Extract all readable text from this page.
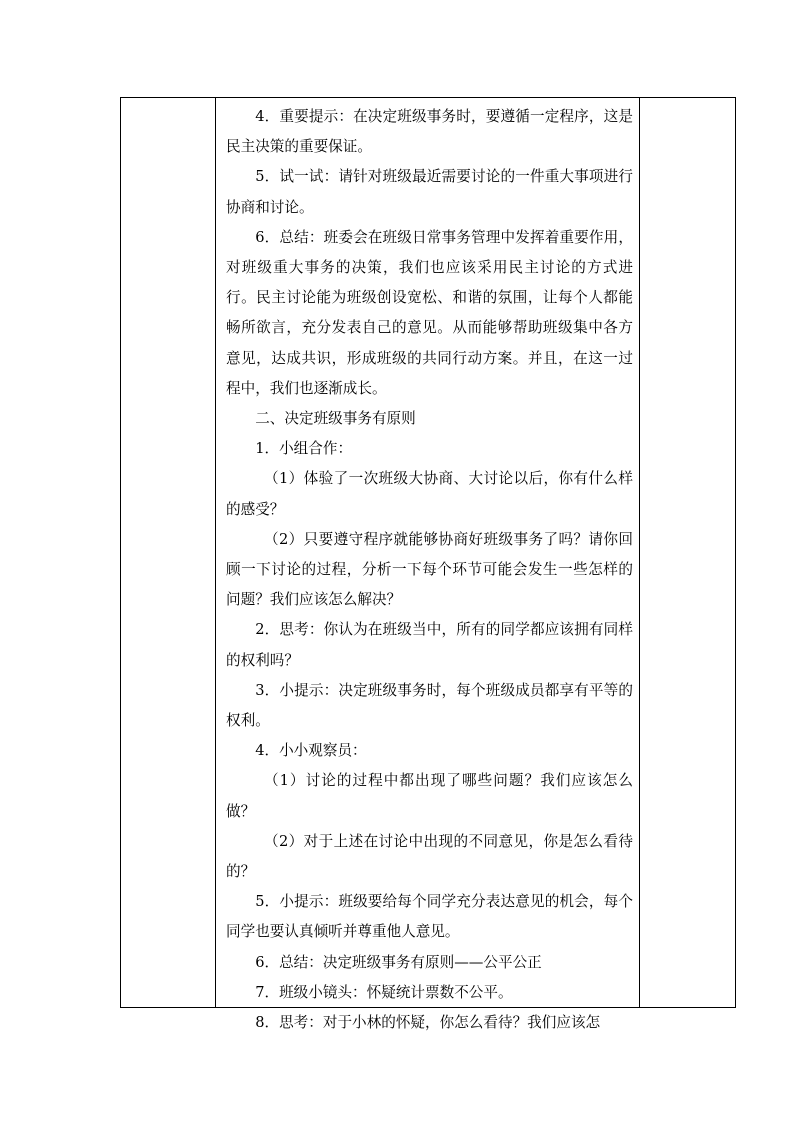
4．重要提示：在决定班级事务时，要遵循一定程序，这是民主决策的重要保证。

5．试一试：请针对班级最近需要讨论的一件重大事项进行协商和讨论。

6．总结：班委会在班级日常事务管理中发挥着重要作用，对班级重大事务的决策，我们也应该采用民主讨论的方式进行。民主讨论能为班级创设宽松、和谐的氛围，让每个人都能畅所欲言，充分发表自己的意见。从而能够帮助班级集中各方意见，达成共识，形成班级的共同行动方案。并且，在这一过程中，我们也逐渐成长。

二、决定班级事务有原则

1．小组合作：

（1）体验了一次班级大协商、大讨论以后，你有什么样的感受？

（2）只要遵守程序就能够协商好班级事务了吗？请你回顾一下讨论的过程，分析一下每个环节可能会发生一些怎样的问题？我们应该怎么解决？

2．思考：你认为在班级当中，所有的同学都应该拥有同样的权利吗？

3．小提示：决定班级事务时，每个班级成员都享有平等的权利。

4．小小观察员：

（1）讨论的过程中都出现了哪些问题？我们应该怎么做？

（2）对于上述在讨论中出现的不同意见，你是怎么看待的？

5．小提示：班级要给每个同学充分表达意见的机会，每个同学也要认真倾听并尊重他人意见。

6．总结：决定班级事务有原则——公平公正

7．班级小镜头：怀疑统计票数不公平。

8．思考：对于小林的怀疑，你怎么看待？我们应该怎
